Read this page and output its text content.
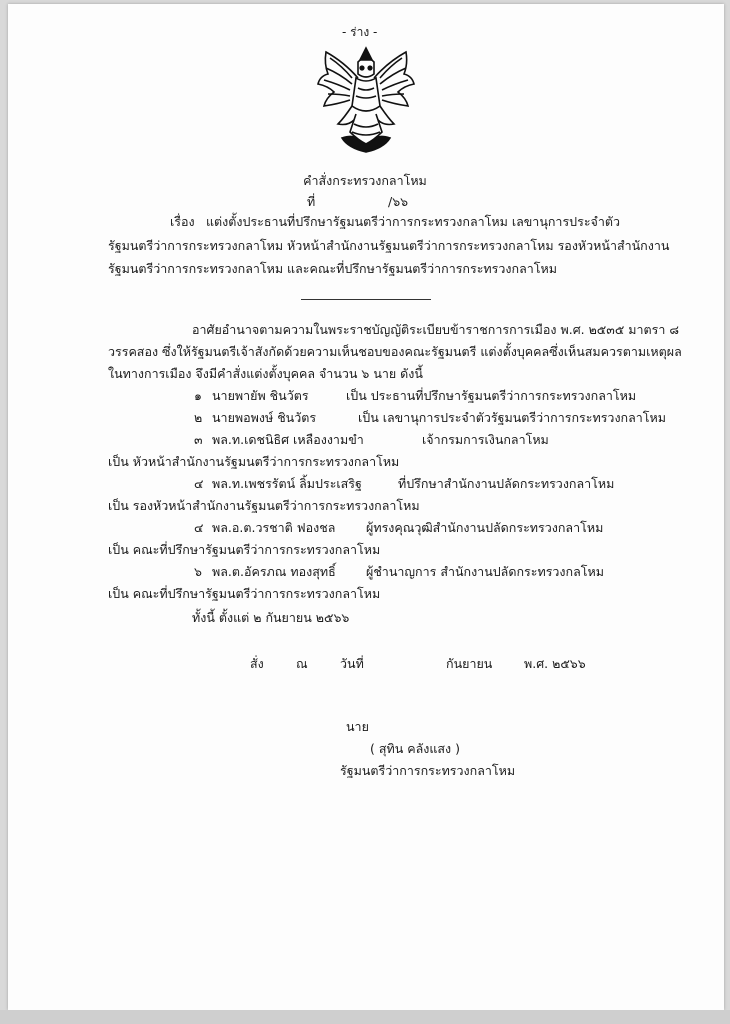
- ร่าง -
คำสั่งกระทรวงกลาโหม
ที่	/๖๖
เรื่อง แต่งตั้งประธานที่ปรึกษารัฐมนตรีว่าการกระทรวงกลาโหม เลขานุการประจำตัว
รัฐมนตรีว่าการกระทรวงกลาโหม หัวหน้าสำนักงานรัฐมนตรีว่าการกระทรวงกลาโหม รองหัวหน้าสำนักงาน
รัฐมนตรีว่าการกระทรวงกลาโหม และคณะที่ปรึกษารัฐมนตรีว่าการกระทรวงกลาโหม
อาศัยอำนาจตามความในพระราชบัญญัติระเบียบข้าราชการการเมือง พ.ศ. ๒๕๓๕ มาตรา ๘
วรรคสอง ซึ่งให้รัฐมนตรีเจ้าสังกัดด้วยความเห็นชอบของคณะรัฐมนตรี แต่งตั้งบุคคลซึ่งเห็นสมควรตามเหตุผล
ในทางการเมือง จึงมีคำสั่งแต่งตั้งบุคคล จำนวน ๖ นาย ดังนี้
๑ นายพายัพ ชินวัตร	เป็น ประธานที่ปรึกษารัฐมนตรีว่าการกระทรวงกลาโหม
๒ นายพอพงษ์ ชินวัตร	เป็น เลขานุการประจำตัวรัฐมนตรีว่าการกระทรวงกลาโหม
๓ พล.ท.เดชนิธิศ เหลืองงามขำ	เจ้ากรมการเงินกลาโหม
เป็น หัวหน้าสำนักงานรัฐมนตรีว่าการกระทรวงกลาโหม
๔ พล.ท.เพชรรัตน์ ลิ้มประเสริฐ	ที่ปรึกษาสำนักงานปลัดกระทรวงกลาโหม
เป็น รองหัวหน้าสำนักงานรัฐมนตรีว่าการกระทรวงกลาโหม
๔ พล.อ.ต.วรชาติ ฟองชล ผู้ทรงคุณวุฒิสำนักงานปลัดกระทรวงกลาโหม
เป็น คณะที่ปรึกษารัฐมนตรีว่าการกระทรวงกลาโหม
๖ พล.ต.อัครภณ ทองสุทธิ์ ผู้ชำนาญการ สำนักงานปลัดกระทรวงกลโหม
เป็น คณะที่ปรึกษารัฐมนตรีว่าการกระทรวงกลาโหม
ทั้งนี้ ตั้งแต่ ๒ กันยายน ๒๕๖๖
สั่ง	ณ	วันที่	กันยายน	พ.ศ. ๒๕๖๖
นาย
( สุทิน คลังแสง )
รัฐมนตรีว่าการกระทรวงกลาโหม
